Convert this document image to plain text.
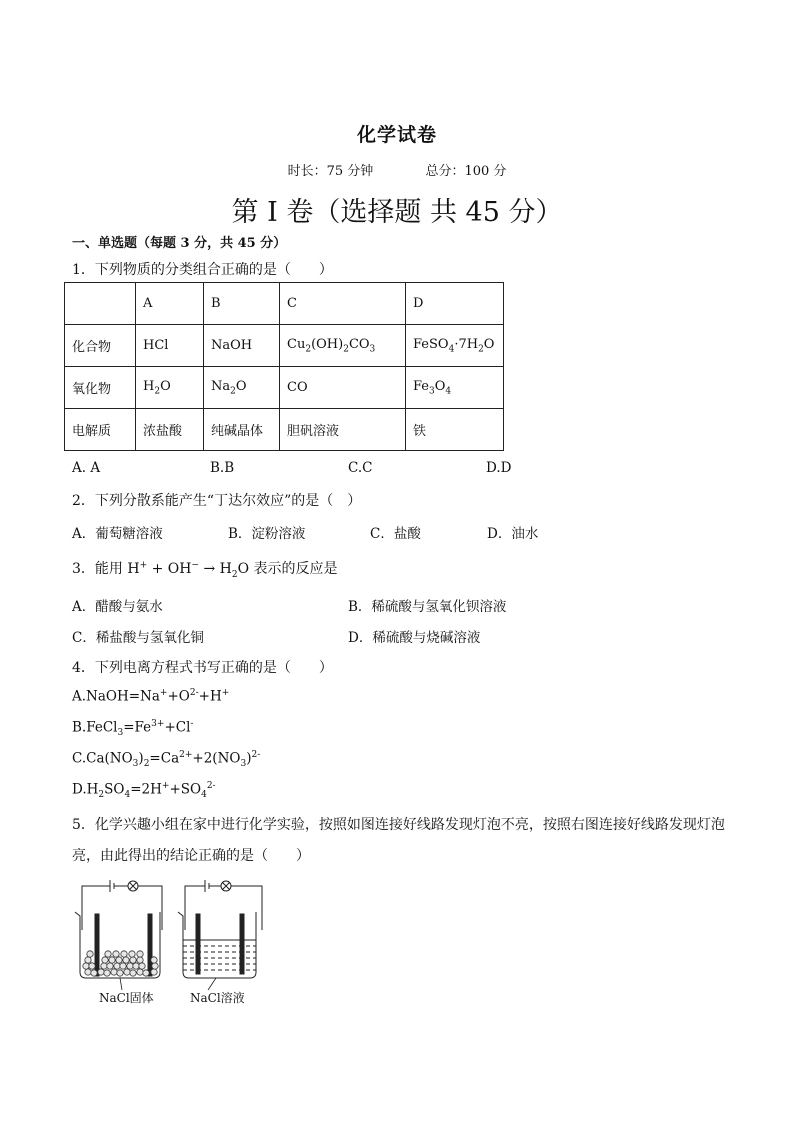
化学试卷
时长：75 分钟	总分：100 分
第 I 卷（选择题 共 45 分）
一、单选题（每题 3 分，共 45 分）
1．下列物质的分类组合正确的是（　　）
	A	B	C	D
化合物	HCl	NaOH	$Cu_2(OH)_2CO_3$	$FeSO_4\cdot 7H_2O$
氧化物	$H_2O$	$Na_2O$	CO	$Fe_3O_4$
电解质	浓盐酸	纯碱晶体	胆矾溶液	铁
A. A	B.B	C.C	D.D
2．下列分散系能产生“丁达尔效应”的是（　）
A．葡萄糖溶液	B．淀粉溶液	C．盐酸	D．油水
3．能用 $H^+ + OH^- \to H_2O$ 表示的反应是
A．醋酸与氨水	B．稀硫酸与氢氧化钡溶液
C．稀盐酸与氢氧化铜	D．稀硫酸与烧碱溶液
4．下列电离方程式书写正确的是（　　）
$A.NaOH=Na^++O^{2-}+H^+$
$B.FeCl_3=Fe^{3+}+Cl^-$
$C.Ca(NO_3)_2=Ca^{2+}+2(NO_3)^{2-}$
$D.H_2SO_4=2H^++SO_4^{2-}$
5．化学兴趣小组在家中进行化学实验，按照如图连接好线路发现灯泡不亮，按照右图连接好线路发现灯泡
亮，由此得出的结论正确的是（　　）
NaCl固体	NaCl溶液
